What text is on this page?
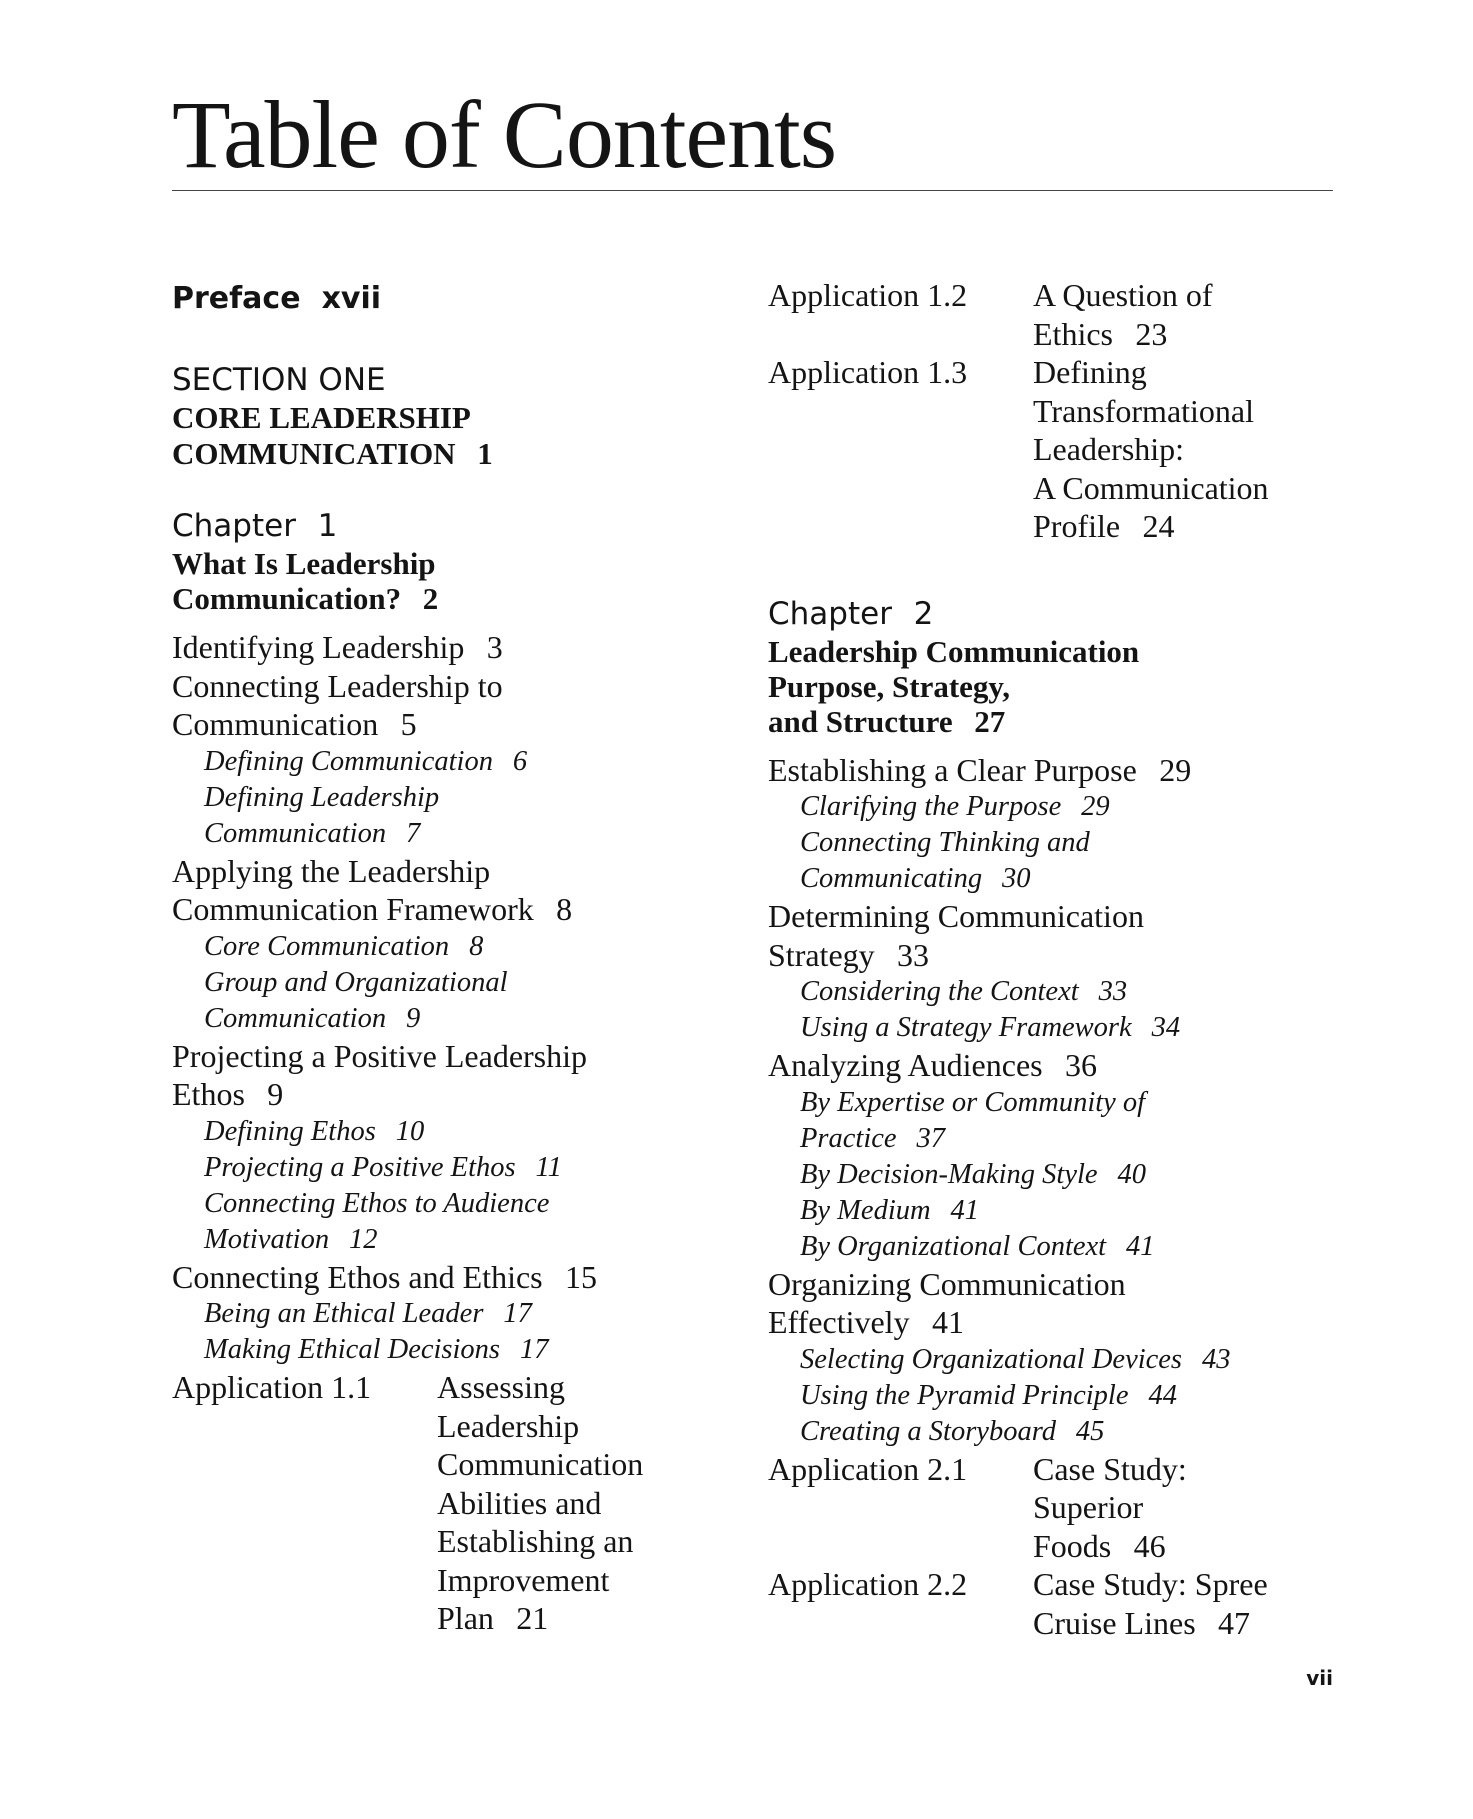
Table of Contents
Preface xvii
SECTION ONE
CORE LEADERSHIP
COMMUNICATION 1
Chapter 1
What Is Leadership
Communication? 2
Identifying Leadership 3
Connecting Leadership to
Communication 5
Defining Communication 6
Defining Leadership
Communication 7
Applying the Leadership
Communication Framework 8
Core Communication 8
Group and Organizational
Communication 9
Projecting a Positive Leadership
Ethos 9
Defining Ethos 10
Projecting a Positive Ethos 11
Connecting Ethos to Audience
Motivation 12
Connecting Ethos and Ethics 15
Being an Ethical Leader 17
Making Ethical Decisions 17
Application 1.1	Assessing
Leadership
Communication
Abilities and
Establishing an
Improvement
Plan 21
Application 1.2	A Question of
Ethics 23
Application 1.3	Defining
Transformational
Leadership:
A Communication
Profile 24
Chapter 2
Leadership Communication
Purpose, Strategy,
and Structure 27
Establishing a Clear Purpose 29
Clarifying the Purpose 29
Connecting Thinking and
Communicating 30
Determining Communication
Strategy 33
Considering the Context 33
Using a Strategy Framework 34
Analyzing Audiences 36
By Expertise or Community of
Practice 37
By Decision-Making Style 40
By Medium 41
By Organizational Context 41
Organizing Communication
Effectively 41
Selecting Organizational Devices 43
Using the Pyramid Principle 44
Creating a Storyboard 45
Application 2.1	Case Study:
Superior
Foods 46
Application 2.2	Case Study: Spree
Cruise Lines 47
vii
